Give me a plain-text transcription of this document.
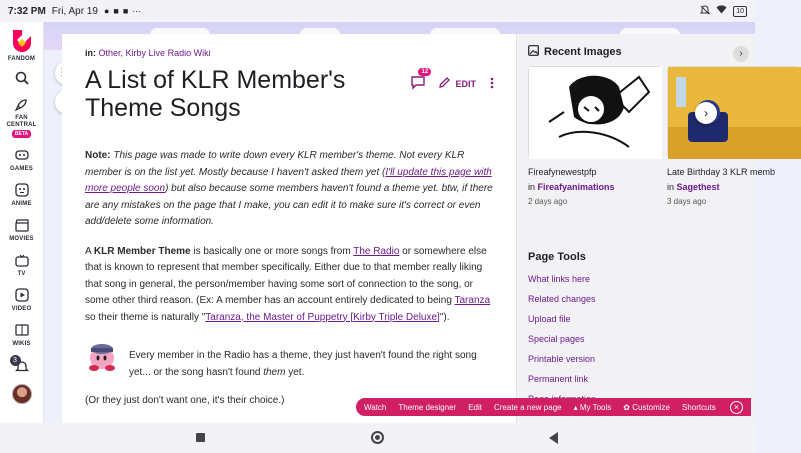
7:32 PM Fri, Apr 19 ● ■ ■ ···	10
FANDOM
FAN CENTRAL
BETA
GAMES
ANIME
MOVIES
TV
VIDEO
WIKIS
3
in: Other, Kirby Live Radio Wiki
A List of KLR Member's Theme Songs
12
EDIT

Note: This page was made to write down every KLR member's theme. Not every KLR member is on the list yet. Mostly because I haven't asked them yet (I'll update this page with more people soon) but also because some members haven't found a theme yet. btw, if there are any mistakes on the page that I make, you can edit it to make sure it's correct or even add/delete some information.

A KLR Member Theme is basically one or more songs from The Radio or somewhere else that is known to represent that member specifically. Either due to that member really liking that song in general, the person/member having some sort of connection to the song, or some other third reason. (Ex: A member has an account entirely dedicated to being Taranza so their theme is naturally "Taranza, the Master of Puppetry [Kirby Triple Deluxe]").

Every member in the Radio has a theme, they just haven't found the right song yet... or the song hasn't found them yet.

(Or they just don't want one, it's their choice.)

Recent Images	›
Fireafynewestpfp
in Fireafyanimations
2 days ago
Late Birthday 3 KLR memb
in Sagethest
3 days ago
›
Page Tools
What links here
Related changes
Upload file
Special pages
Printable version
Permanent link
Watch Theme designer Edit Create a new page ▴ My Tools ✿ Customize Shortcuts	×
